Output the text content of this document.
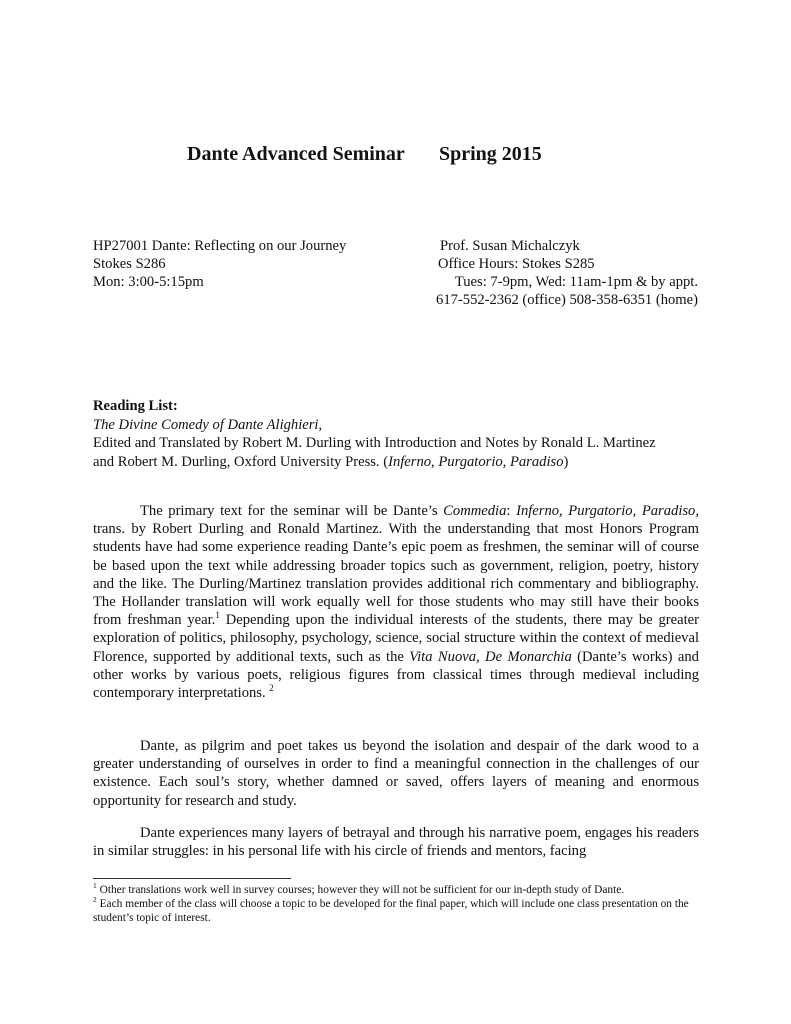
Dante Advanced Seminar Spring 2015
HP27001 Dante: Reflecting on our Journey
Stokes S286
Mon: 3:00-5:15pm
Prof. Susan Michalczyk
Office Hours: Stokes S285
Tues: 7-9pm, Wed: 11am-1pm & by appt.
617-552-2362 (office) 508-358-6351 (home)
Reading List:
The Divine Comedy of Dante Alighieri,
Edited and Translated by Robert M. Durling with Introduction and Notes by Ronald L. Martinez
and Robert M. Durling, Oxford University Press. (Inferno, Purgatorio, Paradiso)

The primary text for the seminar will be Dante’s Commedia: Inferno, Purgatorio, Paradiso, trans. by Robert Durling and Ronald Martinez. With the understanding that most Honors Program students have had some experience reading Dante’s epic poem as freshmen, the seminar will of course be based upon the text while addressing broader topics such as government, religion, poetry, history and the like. The Durling/Martinez translation provides additional rich commentary and bibliography. The Hollander translation will work equally well for those students who may still have their books from freshman year.$^1$ Depending upon the individual interests of the students, there may be greater exploration of politics, philosophy, psychology, science, social structure within the context of medieval Florence, supported by additional texts, such as the Vita Nuova, De Monarchia (Dante’s works) and other works by various poets, religious figures from classical times through medieval including contemporary interpretations. $^2$

Dante, as pilgrim and poet takes us beyond the isolation and despair of the dark wood to a greater understanding of ourselves in order to find a meaningful connection in the challenges of our existence. Each soul’s story, whether damned or saved, offers layers of meaning and enormous opportunity for research and study.

Dante experiences many layers of betrayal and through his narrative poem, engages his readers in similar struggles: in his personal life with his circle of friends and mentors, facing

$^1$ Other translations work well in survey courses; however they will not be sufficient for our in-depth study of Dante.
$^2$ Each member of the class will choose a topic to be developed for the final paper, which will include one class presentation on the student’s topic of interest.
